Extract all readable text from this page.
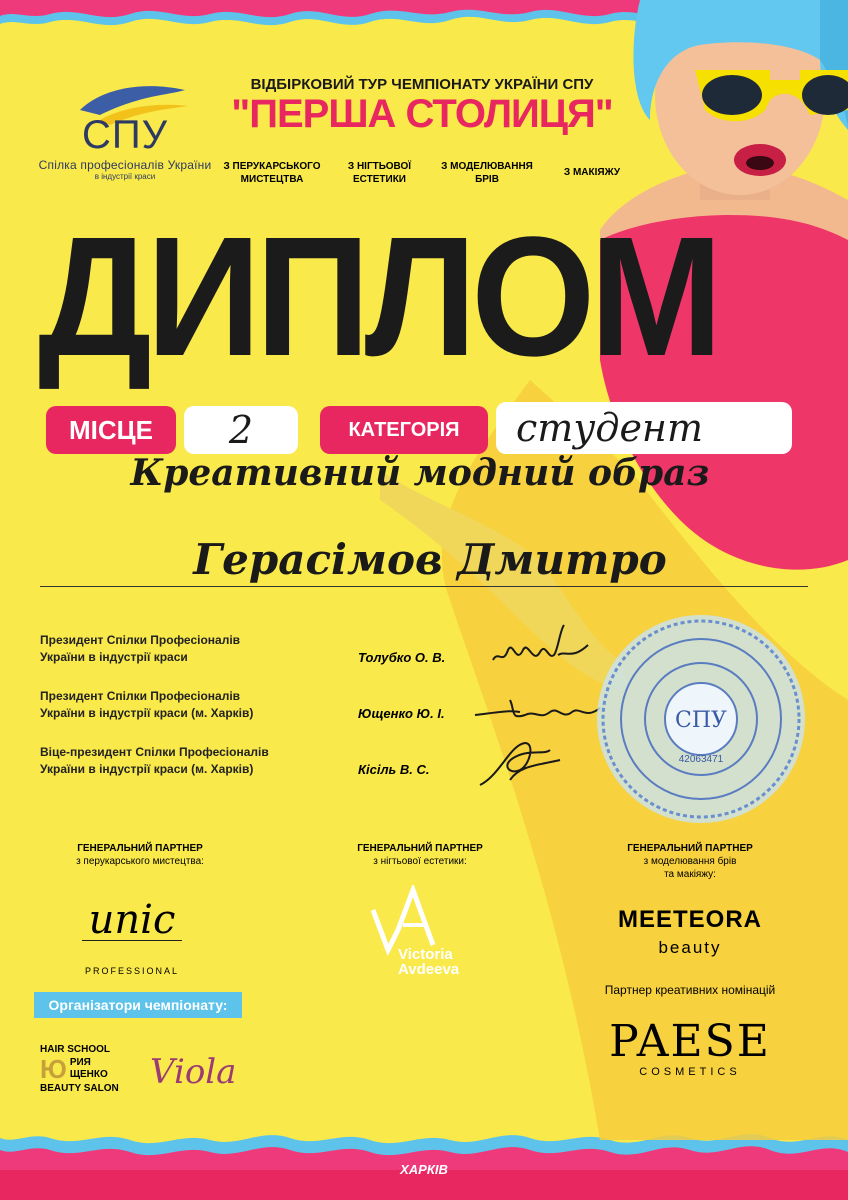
СПУ
Спілка професіоналів України
в індустрії краси
ВІДБІРКОВИЙ ТУР ЧЕМПІОНАТУ УКРАЇНИ СПУ
"ПЕРША СТОЛИЦЯ"
З ПЕРУКАРСЬКОГО
МИСТЕЦТВА
З НІГТЬОВОЇ
ЕСТЕТИКИ
З МОДЕЛЮВАННЯ
БРІВ
З МАКІЯЖУ
ДИПЛОМ
МІСЦЕ	2	КАТЕГОРІЯ	студент
Креативний модний образ
Герасімов Дмитро
Президент Спілки Професіоналів
України в індустрії краси	Толубко О. В.
Президент Спілки Професіоналів
України в індустрії краси (м. Харків)	Ющенко Ю. І.
Віце-президент Спілки Професіоналів
України в індустрії краси (м. Харків)	Кісіль В. С.
СПУ
42063471
ГЕНЕРАЛЬНИЙ ПАРТНЕР
з перукарського мистецтва:
unic
PROFESSIONAL
ГЕНЕРАЛЬНИЙ ПАРТНЕР
з нігтьової естетики:
Victoria
Avdeeva
ГЕНЕРАЛЬНИЙ ПАРТНЕР
з моделювання брів
та макіяжу:
MEETEORA
beauty
Партнер креативних номінацій
PAESE
COSMETICS
Організатори чемпіонату:
HAIR SCHOOL
Ю РИЯ
ЩЕНКО
BEAUTY SALON Viola
ХАРКІВ
